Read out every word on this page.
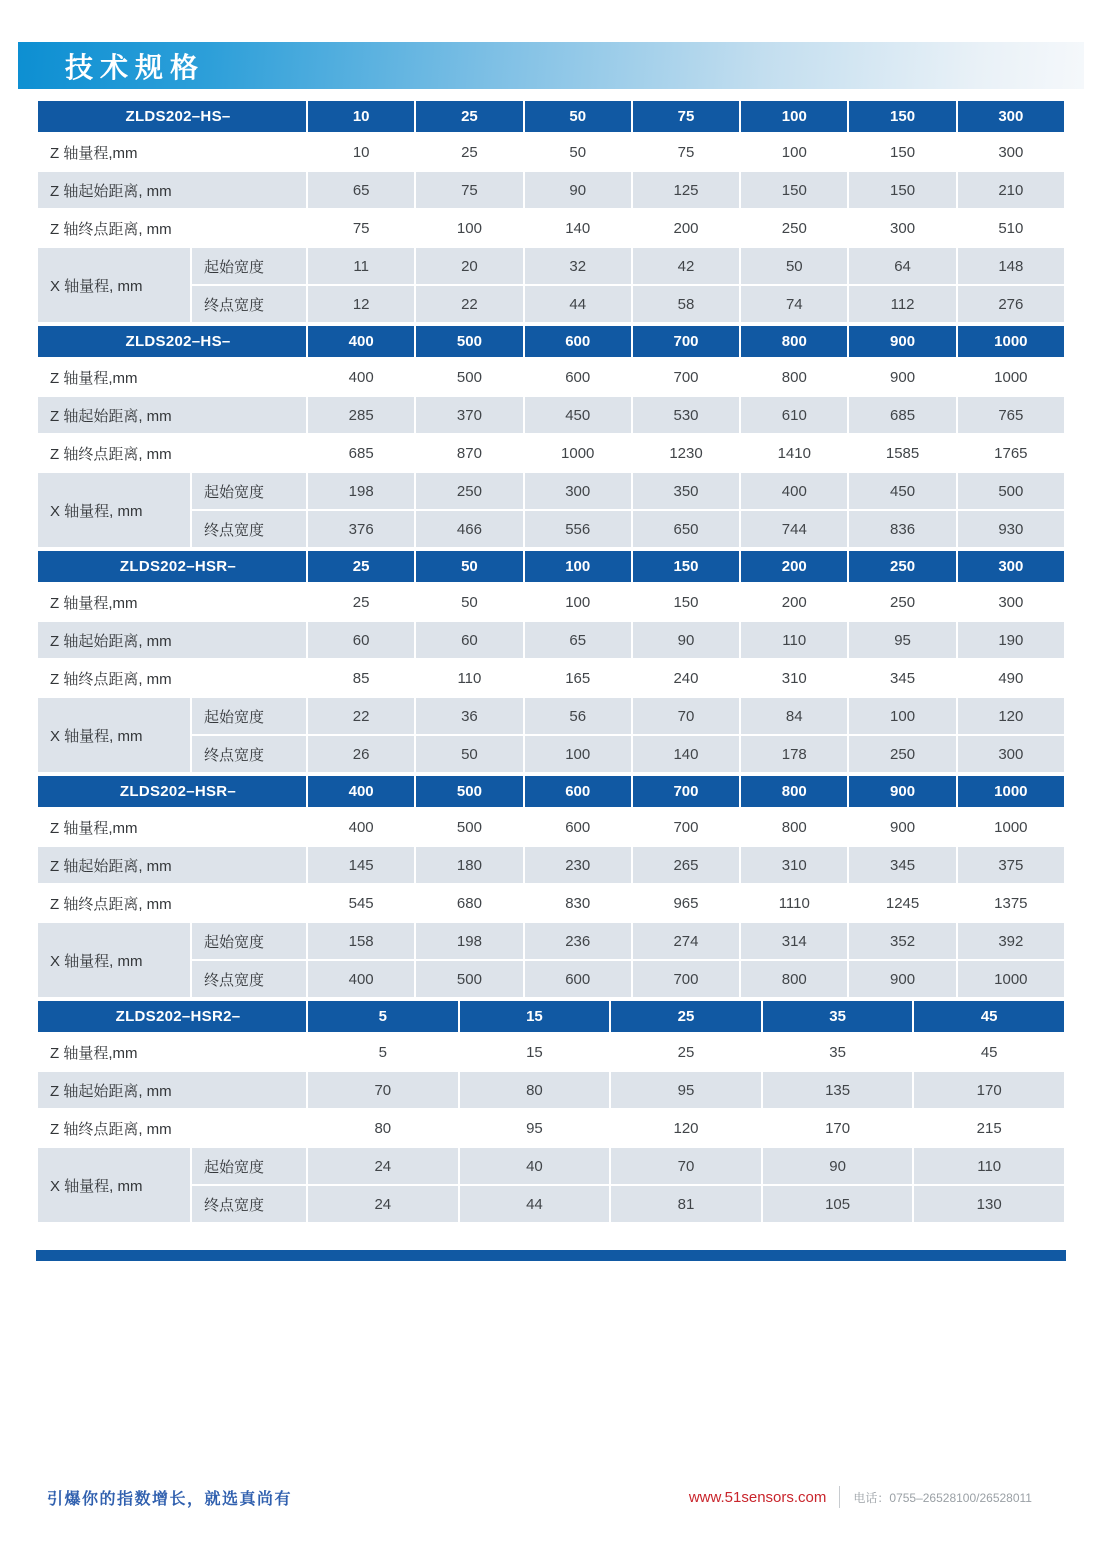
技术规格
ZLDS202–HS–		10	25	50	75	100	150	300
Z 轴量程,mm		10	25	50	75	100	150	300
Z 轴起始距离, mm		65	75	90	125	150	150	210
Z 轴终点距离, mm		75	100	140	200	250	300	510
X 轴量程, mm	起始宽度	11	20	32	42	50	64	148
	终点宽度	12	22	44	58	74	112	276
ZLDS202–HS–		400	500	600	700	800	900	1000
Z 轴量程,mm		400	500	600	700	800	900	1000
Z 轴起始距离, mm		285	370	450	530	610	685	765
Z 轴终点距离, mm		685	870	1000	1230	1410	1585	1765
X 轴量程, mm	起始宽度	198	250	300	350	400	450	500
	终点宽度	376	466	556	650	744	836	930
ZLDS202–HSR–		25	50	100	150	200	250	300
Z 轴量程,mm		25	50	100	150	200	250	300
Z 轴起始距离, mm		60	60	65	90	110	95	190
Z 轴终点距离, mm		85	110	165	240	310	345	490
X 轴量程, mm	起始宽度	22	36	56	70	84	100	120
	终点宽度	26	50	100	140	178	250	300
ZLDS202–HSR–		400	500	600	700	800	900	1000
Z 轴量程,mm		400	500	600	700	800	900	1000
Z 轴起始距离, mm		145	180	230	265	310	345	375
Z 轴终点距离, mm		545	680	830	965	1110	1245	1375
X 轴量程, mm	起始宽度	158	198	236	274	314	352	392
	终点宽度	400	500	600	700	800	900	1000
ZLDS202–HSR2–		5	15	25	35	45
Z 轴量程,mm		5	15	25	35	45
Z 轴起始距离, mm		70	80	95	135	170
Z 轴终点距离, mm		80	95	120	170	215
X 轴量程, mm	起始宽度	24	40	70	90	110
	终点宽度	24	44	81	105	130
引爆你的指数增长，就选真尚有	www.51sensors.com 电话：0755–26528100/26528011
